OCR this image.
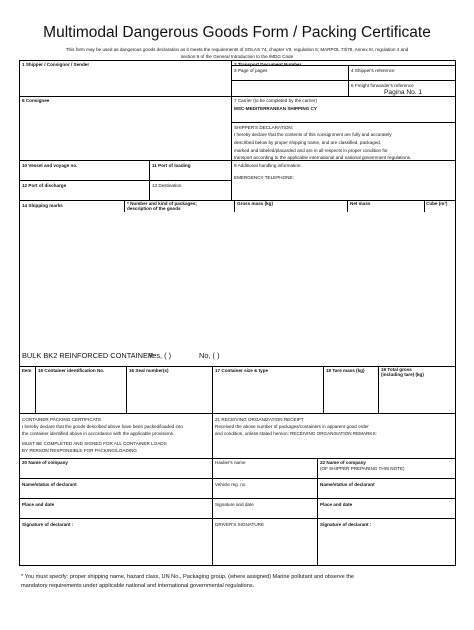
Multimodal Dangerous Goods Form / Packing Certificate
This form may be used as dangerous goods declaration as it meets the requirements of SOLAS 74, chapter VII, regulation 5; MARPOL 73/78, Annex III, regulation 4 and
section 9 of the General Introduction to the IMDG Code
1 Shipper / Consignor / Sender	2 Transport Document Number
3 Page of pages	4 Shipper's reference
5 Freight forwarder's reference
Pagina No. 1
6 Consignee	7 Carrier (to be completed by the carrier)
MSC-MEDITERRANEAN SHIPPING CY
SHIPPER'S DECLARATION:
I hereby declare that the contents of this consignment are fully and accurately
described below by proper shipping name, and are classified, packaged,
marked and labeled/placarded and are in all respects in proper condition for
transport according to the applicable international and national government regulations.
10 Vessel and voyage no.	11 Port of loading	9 Additional handling information:
EMERGENCY TELEPHONE:
12 Port of discharge	13 Destination
14 Shipping marks	* Number and kind of packages;
description of the goods
Gross mass (kg)	Net mass	Cube (m³)
BULK BK2 REINFORCED CONTAINER
Yes, ( )	No, ( )
Item 15 Container identification No.	16 Seal number(s)	17 Container size & type	18 Tare mass (kg)	19 Total gross
(including tare) (kg)
CONTAINER PACKING CERTIFICATE
I hereby declare that the goods described above have been packed/loaded into
the container identified above in accordance with the applicable provisions.
MUST BE COMPLETED AND SIGNED FOR ALL CONTAINER LOADS
BY PERSON RESPONSIBLE FOR PACKING/LOADING
21 RECEIVING ORGANIZATION RECEIPT
Received the above number of packages/containers in apparent good order
and condition, unless stated hereon: RECEIVING ORGANISATION REMARKS:
20 Name of company	Haulier's name	22 Name of company
(OF SHIPPER PREPARING THIS NOTE)
Name/status of declarant	Vehicle reg. no	Name/status of declarant
Place and date	Signature and date	Place and date
Signature of declarant :	DRIVER'S SIGNATURE	Signature of declarant :
* You must specify: proper shipping name, hazard class, UN No., Packaging group, (where assigned) Marine pollutant and observe the
mandatory requirements under applicable national and international governmental regulations.
